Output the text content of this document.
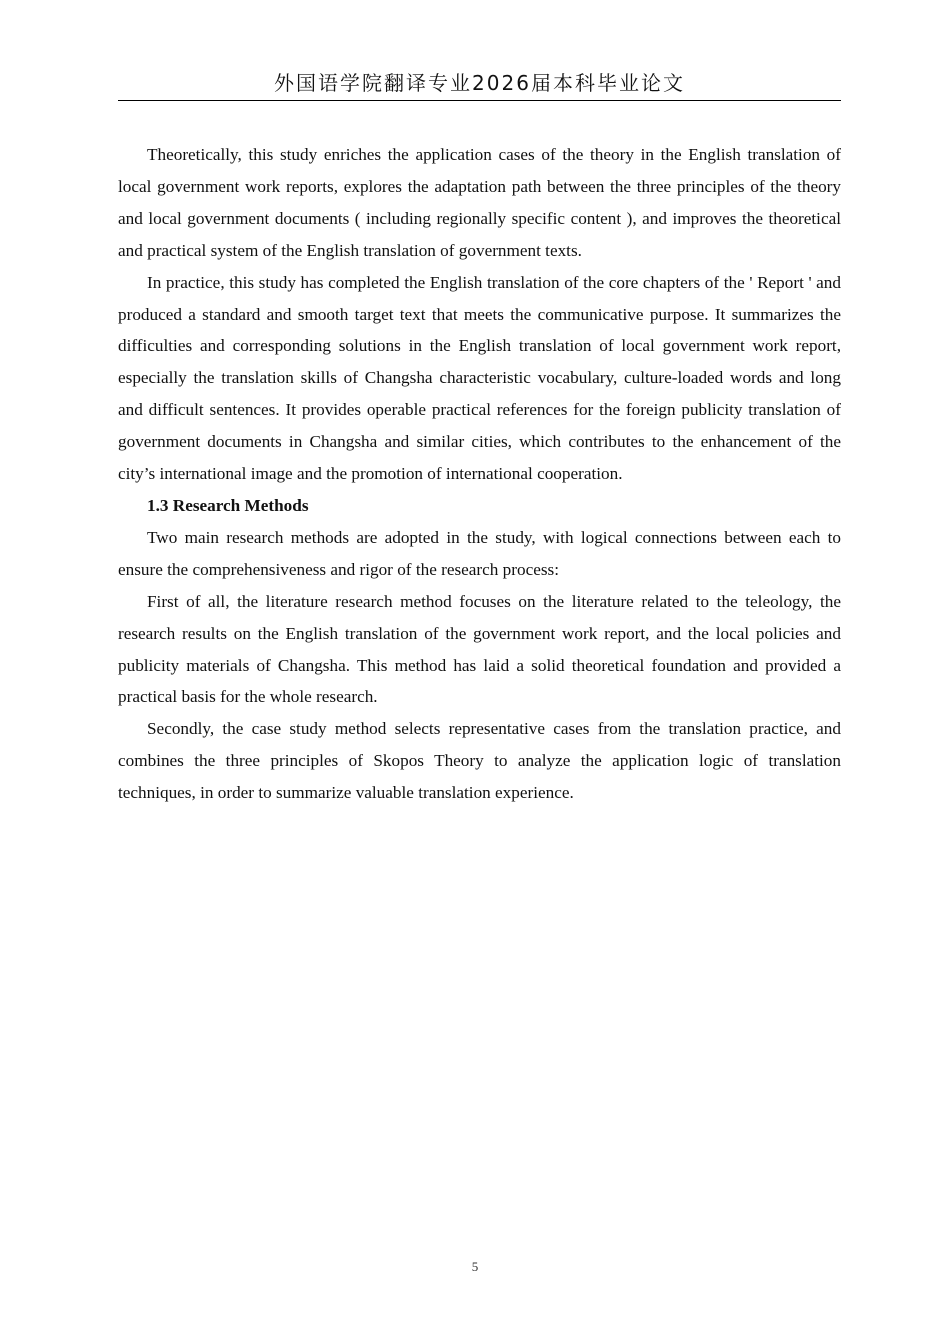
外国语学院翻译专业2026届本科毕业论文

Theoretically, this study enriches the application cases of the theory in the English translation of local government work reports, explores the adaptation path between the three principles of the theory and local government documents ( including regionally specific content ), and improves the theoretical and practical system of the English translation of government texts.

In practice, this study has completed the English translation of the core chapters of the ' Report ' and produced a standard and smooth target text that meets the communicative purpose. It summarizes the difficulties and corresponding solutions in the English translation of local government work report, especially the translation skills of Changsha characteristic vocabulary, culture-loaded words and long and difficult sentences. It provides operable practical references for the foreign publicity translation of government documents in Changsha and similar cities, which contributes to the enhancement of the city’s international image and the promotion of international cooperation.

1.3 Research Methods

Two main research methods are adopted in the study, with logical connections between each to ensure the comprehensiveness and rigor of the research process:

First of all, the literature research method focuses on the literature related to the teleology, the research results on the English translation of the government work report, and the local policies and publicity materials of Changsha. This method has laid a solid theoretical foundation and provided a practical basis for the whole research.

Secondly, the case study method selects representative cases from the translation practice, and combines the three principles of Skopos Theory to analyze the application logic of translation techniques, in order to summarize valuable translation experience.

5
